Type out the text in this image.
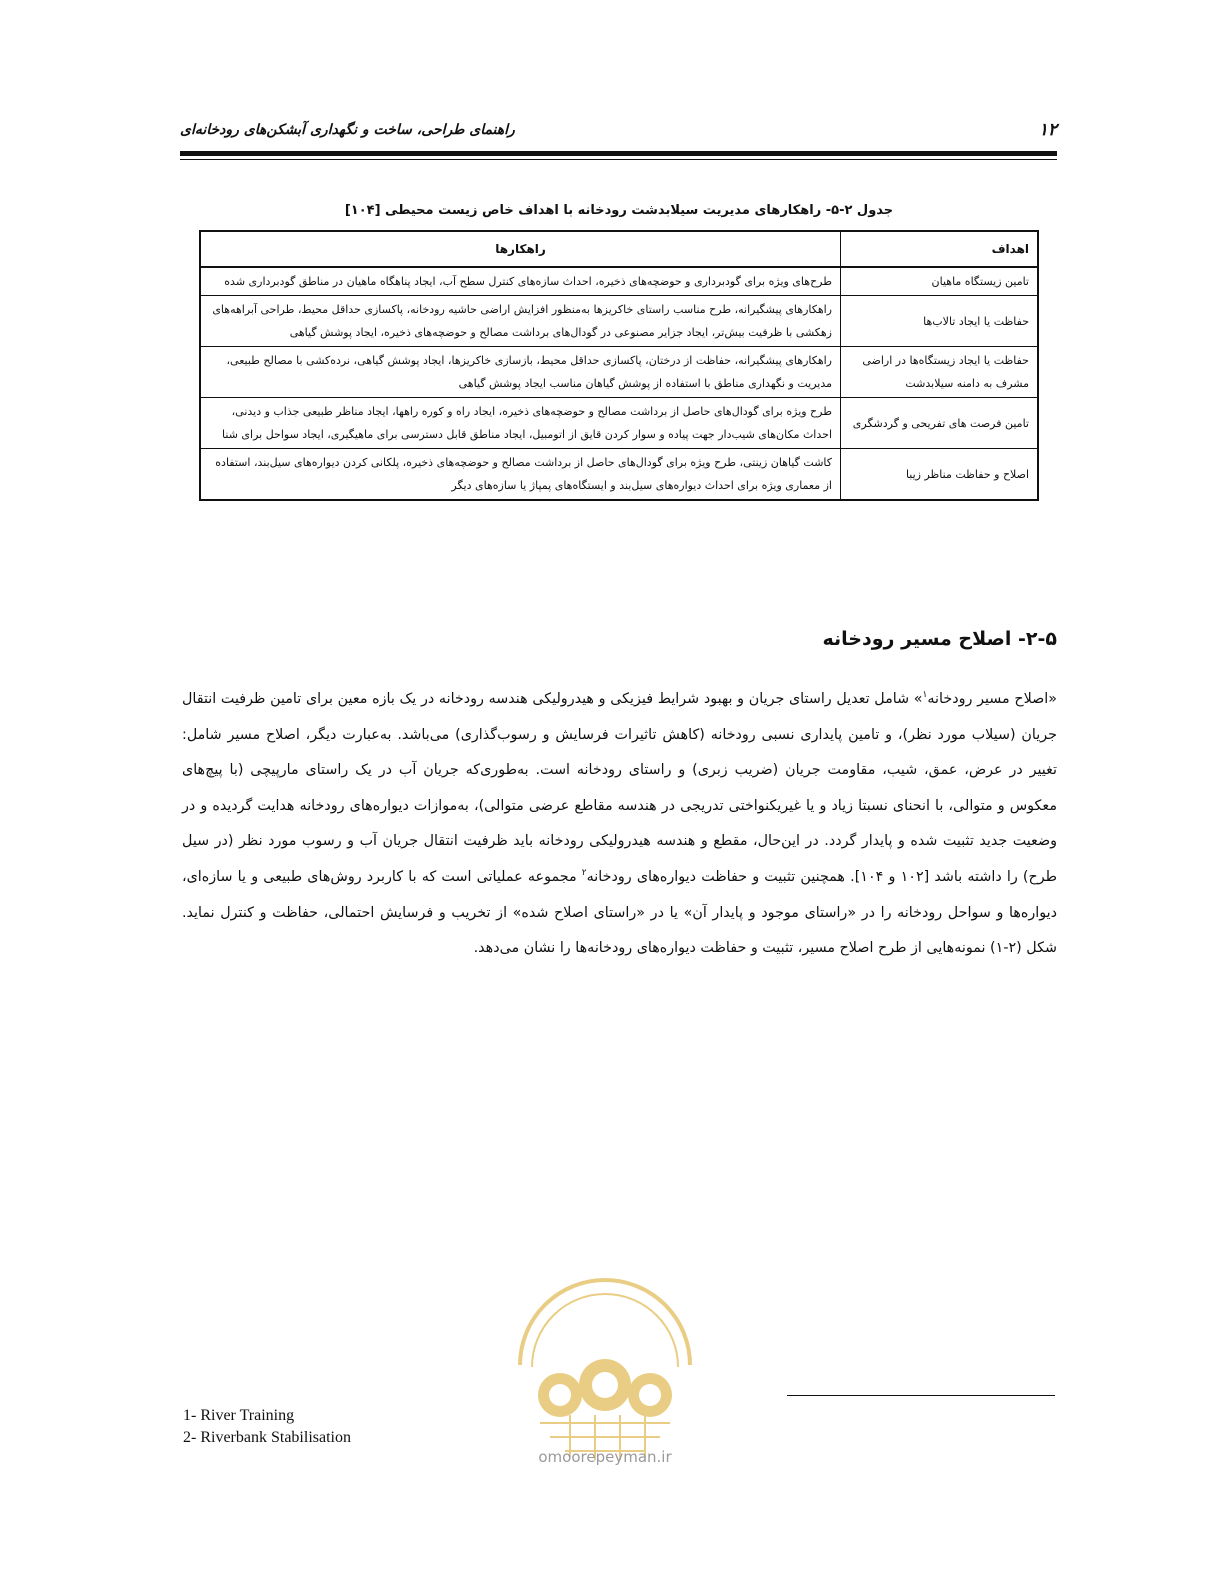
۱۲
راهنمای طراحی، ساخت و نگهداری آبشکن‌های رودخانه‌ای
جدول ۲-۵- راهکارهای مدیریت سیلابدشت رودخانه با اهداف خاص زیست محیطی [۱۰۴]
اهداف	راهکارها
تامین زیستگاه ماهیان	طرح‌های ویژه برای گودبرداری و حوضچه‌های ذخیره، احداث سازه‌های کنترل سطح آب، ایجاد پناهگاه ماهیان در مناطق گودبرداری شده
حفاظت یا ایجاد تالاب‌ها	راهکارهای پیشگیرانه، طرح مناسب راستای خاکریزها به‌منظور افزایش اراضی حاشیه رودخانه، پاکسازی حداقل محیط، طراحی آبراهه‌های زهکشی با ظرفیت بیش‌تر، ایجاد جزایر مصنوعی در گودال‌های برداشت مصالح و حوضچه‌های ذخیره، ایجاد پوشش گیاهی
حفاظت یا ایجاد زیستگاه‌ها در اراضی مشرف به دامنه سیلابدشت	راهکارهای پیشگیرانه، حفاظت از درختان، پاکسازی حداقل محیط، بازسازی خاکریزها، ایجاد پوشش گیاهی، نرده‌کشی با مصالح طبیعی، مدیریت و نگهداری مناطق با استفاده از پوشش گیاهان مناسب ایجاد پوشش گیاهی
تامین فرصت های تفریحی و گردشگری	طرح ویژه برای گودال‌های حاصل از برداشت مصالح و حوضچه‌های ذخیره، ایجاد راه و کوره راهها، ایجاد مناظر طبیعی جذاب و دیدنی، احداث مکان‌های شیب‌دار جهت پیاده و سوار کردن قایق از اتومبیل، ایجاد مناطق قابل دسترسی برای ماهیگیری، ایجاد سواحل برای شنا
اصلاح و حفاظت مناظر زیبا	کاشت گیاهان زینتی، طرح ویژه برای گودال‌های حاصل از برداشت مصالح و حوضچه‌های ذخیره، پلکانی کردن دیواره‌های سیل‌بند، استفاده از معماری ویژه برای احداث دیواره‌های سیل‌بند و ایستگاه‌های پمپاژ یا سازه‌های دیگر
۲-۵- اصلاح مسیر رودخانه
«اصلاح مسیر رودخانه$^۱$» شامل تعدیل راستای جریان و بهبود شرایط فیزیکی و هیدرولیکی هندسه رودخانه در یک بازه معین برای تامین ظرفیت انتقال جریان (سیلاب مورد نظر)، و تامین پایداری نسبی رودخانه (کاهش تاثیرات فرسایش و رسوب‌گذاری) می‌باشد. به‌عبارت دیگر، اصلاح مسیر شامل: تغییر در عرض، عمق، شیب، مقاومت جریان (ضریب زبری) و راستای رودخانه است. به‌طوری‌که جریان آب در یک راستای مارپیچی (با پیچ‌های معکوس و متوالی، با انحنای نسبتا زیاد و یا غیریکنواختی تدریجی در هندسه مقاطع عرضی متوالی)، به‌موازات دیواره‌های رودخانه هدایت گردیده و در وضعیت جدید تثبیت شده و پایدار گردد. در این‌حال، مقطع و هندسه هیدرولیکی رودخانه باید ظرفیت انتقال جریان آب و رسوب مورد نظر (در سیل طرح) را داشته باشد [۱۰۲ و ۱۰۴]. همچنین تثبیت و حفاظت دیواره‌های رودخانه$^۲$ مجموعه عملیاتی است که با کاربرد روش‌های طبیعی و یا سازه‌ای، دیواره‌ها و سواحل رودخانه را در «راستای موجود و پایدار آن» یا در «راستای اصلاح شده» از تخریب و فرسایش احتمالی، حفاظت و کنترل نماید. شکل (۲-۱) نمونه‌هایی از طرح اصلاح مسیر، تثبیت و حفاظت دیواره‌های رودخانه‌ها را نشان می‌دهد.
omoorepeyman.ir
1- River Training
2- Riverbank Stabilisation
